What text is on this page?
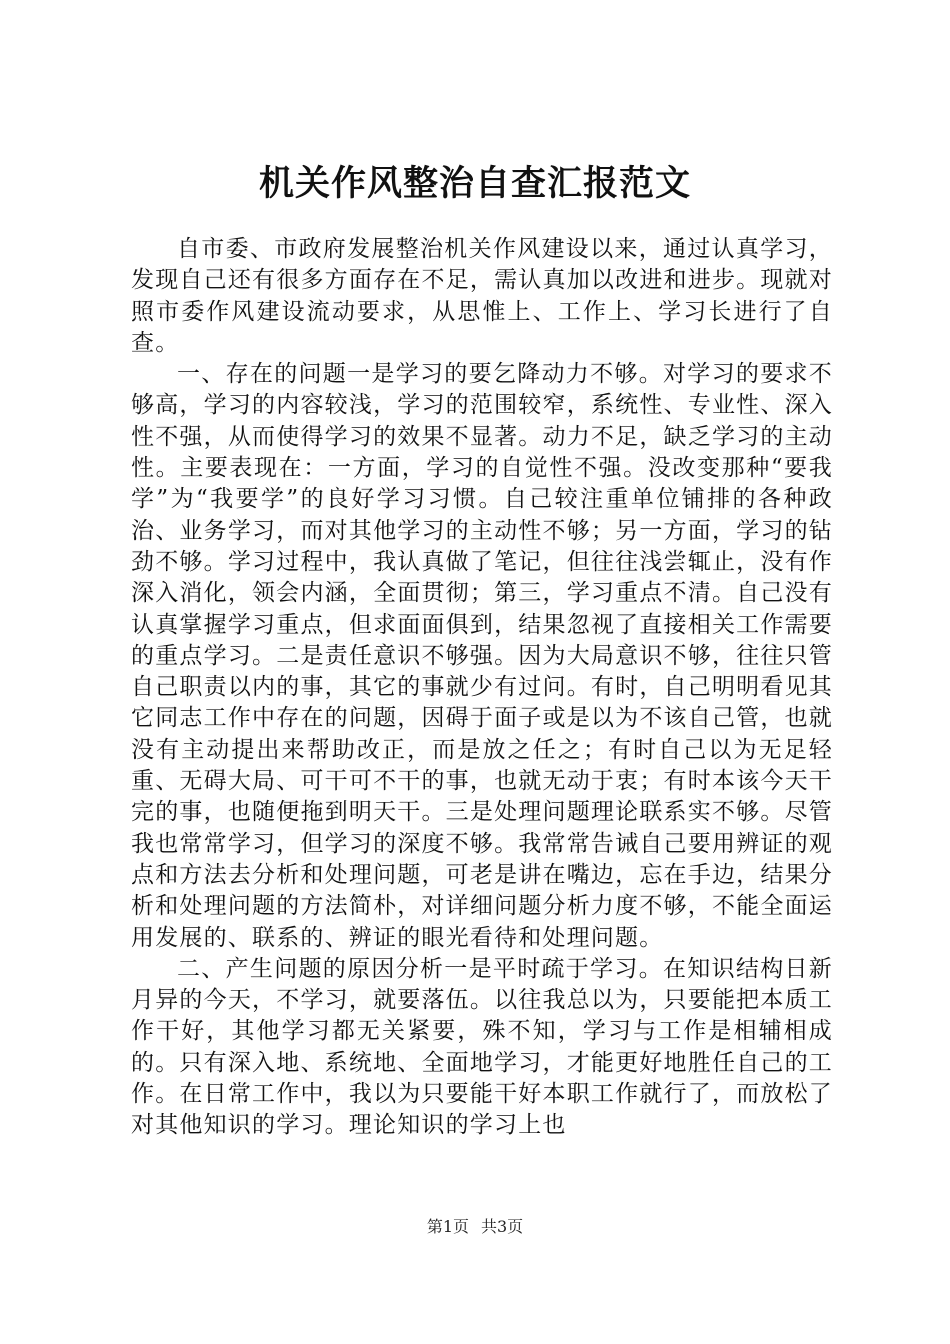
机关作风整治自查汇报范文

自市委、市政府发展整治机关作风建设以来，通过认真学习，发现自己还有很多方面存在不足，需认真加以改进和进步。现就对照市委作风建设流动要求，从思惟上、工作上、学习长进行了自查。

一、存在的问题一是学习的要乞降动力不够。对学习的要求不够高，学习的内容较浅，学习的范围较窄，系统性、专业性、深入性不强，从而使得学习的效果不显著。动力不足，缺乏学习的主动性。主要表现在：一方面，学习的自觉性不强。没改变那种“要我学”为“我要学”的良好学习习惯。自己较注重单位铺排的各种政治、业务学习，而对其他学习的主动性不够；另一方面，学习的钻劲不够。学习过程中，我认真做了笔记，但往往浅尝辄止，没有作深入消化，领会内涵，全面贯彻；第三，学习重点不清。自己没有认真掌握学习重点，但求面面俱到，结果忽视了直接相关工作需要的重点学习。二是责任意识不够强。因为大局意识不够，往往只管自己职责以内的事，其它的事就少有过问。有时，自己明明看见其它同志工作中存在的问题，因碍于面子或是以为不该自己管，也就没有主动提出来帮助改正，而是放之任之；有时自己以为无足轻重、无碍大局、可干可不干的事，也就无动于衷；有时本该今天干完的事，也随便拖到明天干。三是处理问题理论联系实不够。尽管我也常常学习，但学习的深度不够。我常常告诫自己要用辨证的观点和方法去分析和处理问题，可老是讲在嘴边，忘在手边，结果分析和处理问题的方法简朴，对详细问题分析力度不够，不能全面运用发展的、联系的、辨证的眼光看待和处理问题。

二、产生问题的原因分析一是平时疏于学习。在知识结构日新月异的今天，不学习，就要落伍。以往我总以为，只要能把本质工作干好，其他学习都无关紧要，殊不知，学习与工作是相辅相成的。只有深入地、系统地、全面地学习，才能更好地胜任自己的工作。在日常工作中，我以为只要能干好本职工作就行了，而放松了对其他知识的学习。理论知识的学习上也

第1页 共3页
